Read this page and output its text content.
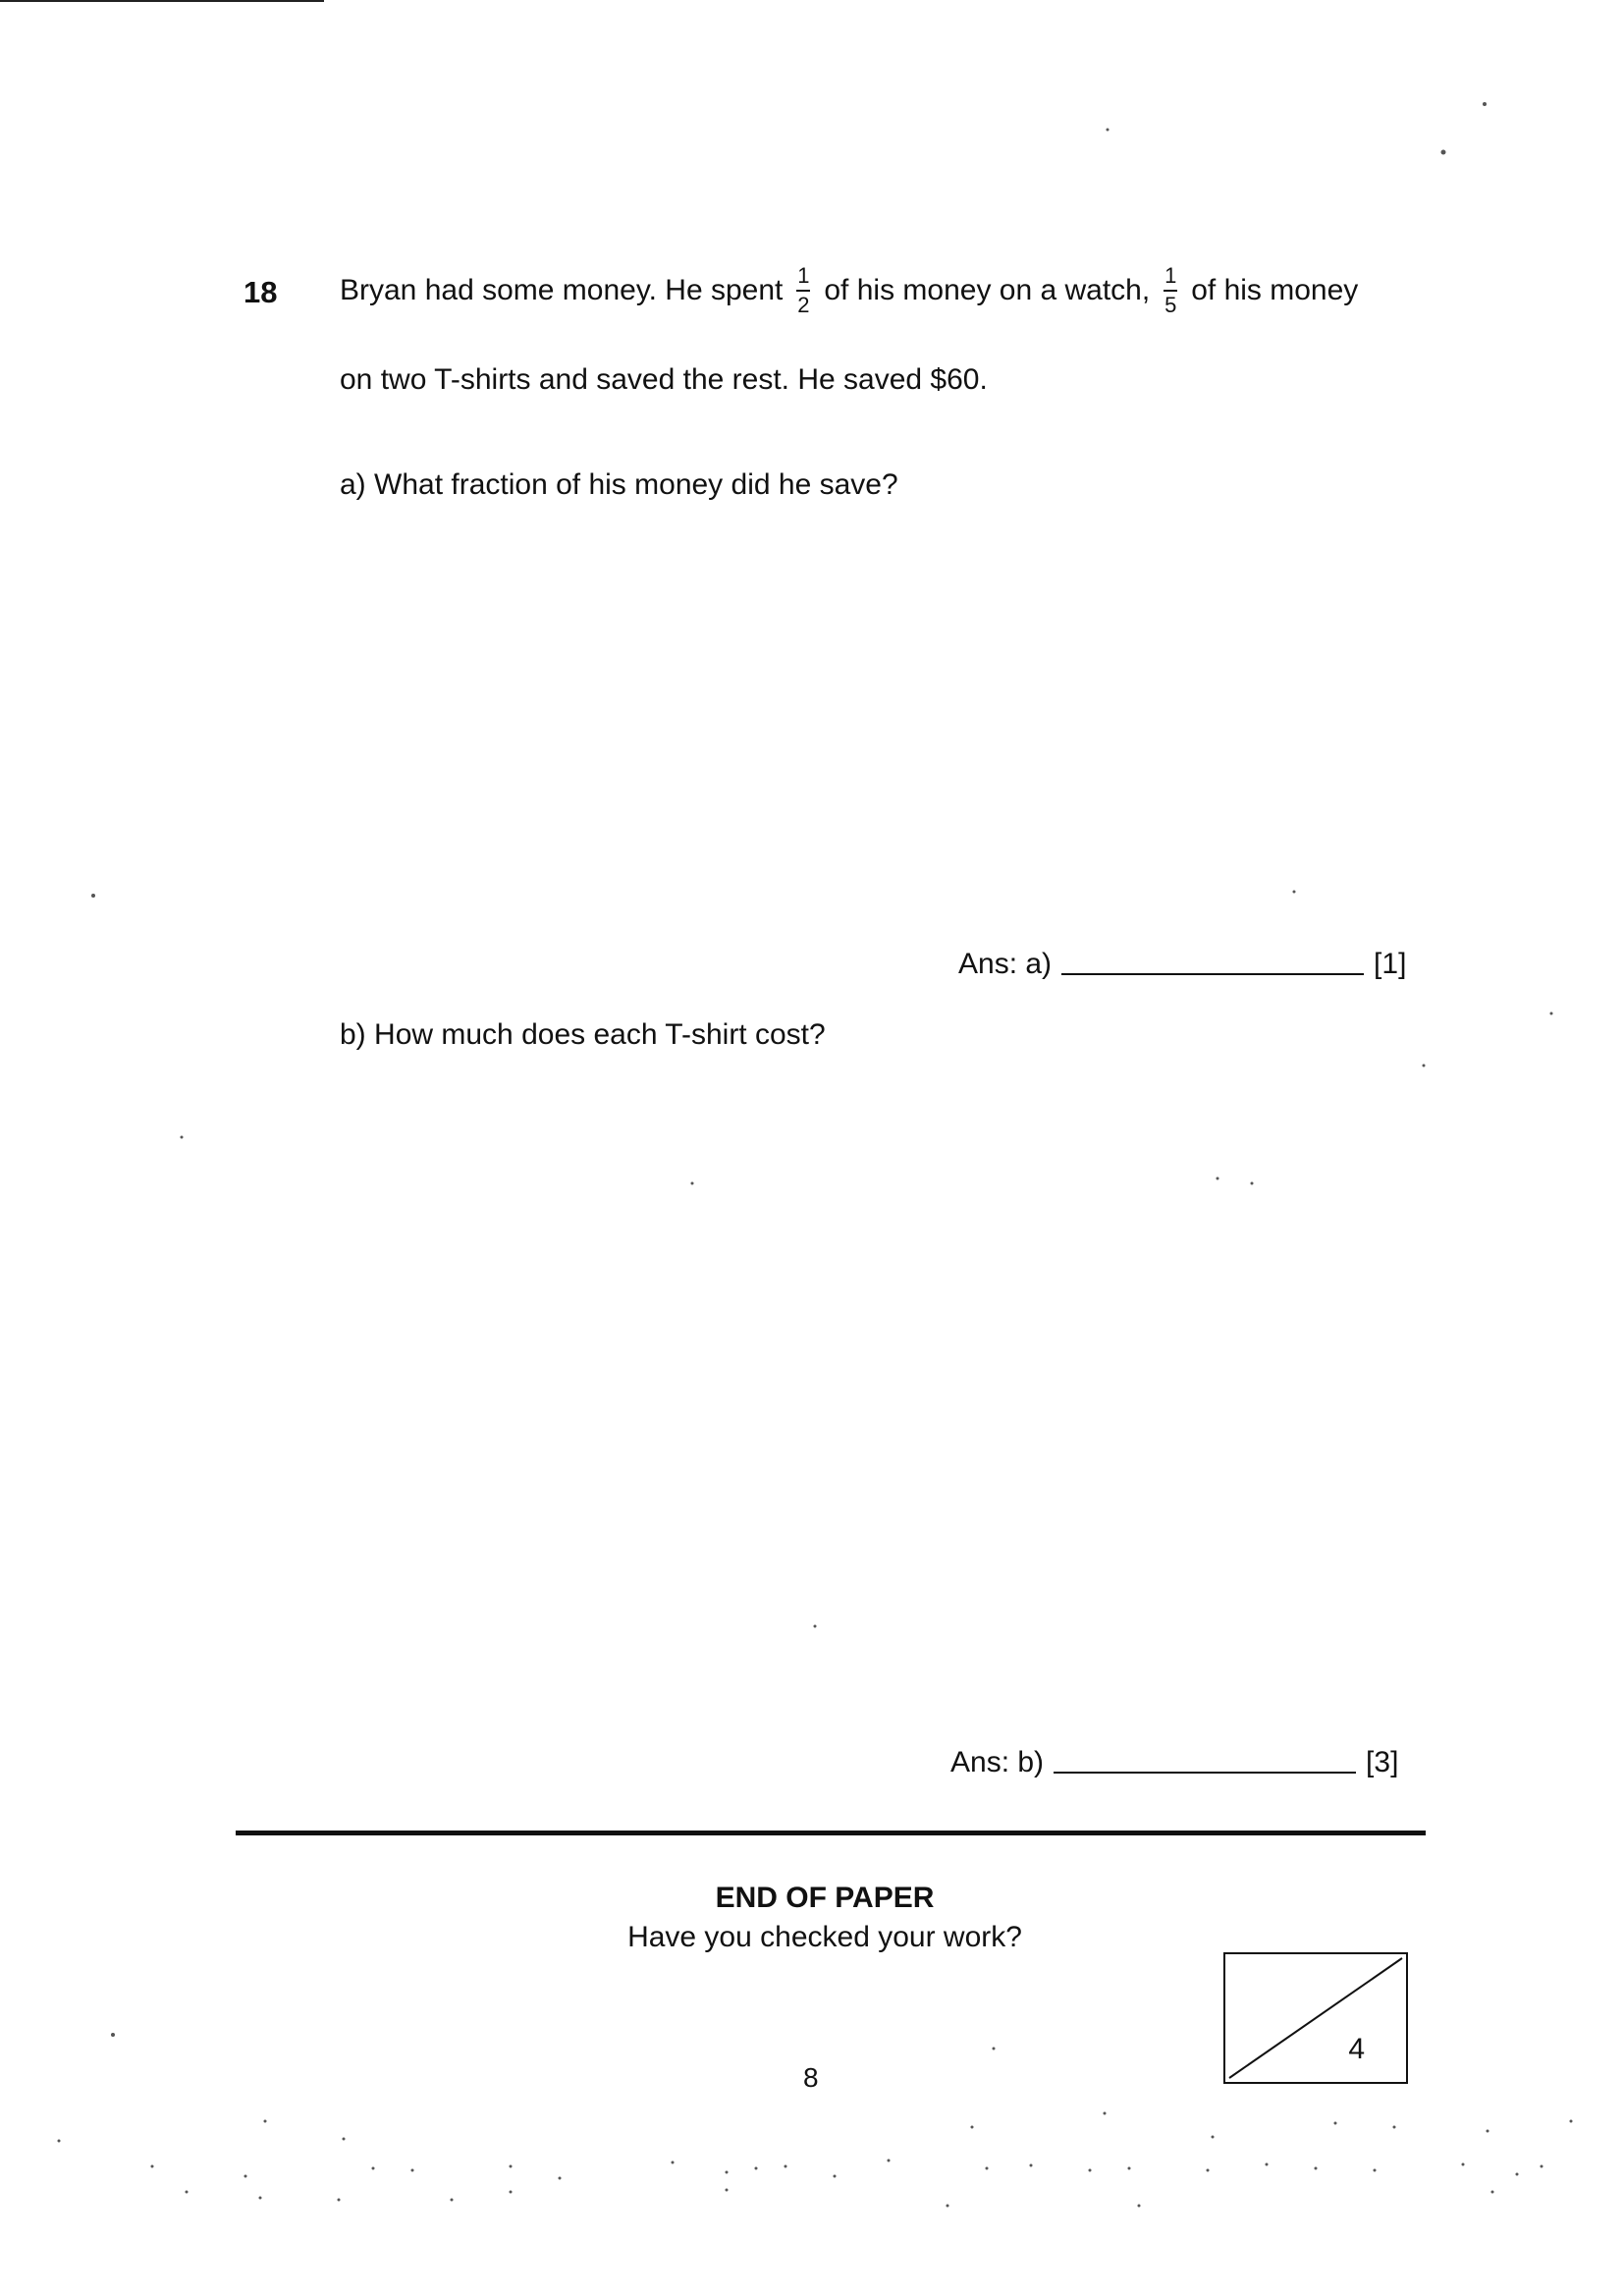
18 Bryan had some money. He spent $\frac{1}{2}$ of his money on a watch, $\frac{1}{5}$ of his money
on two T-shirts and saved the rest. He saved $60.
a) What fraction of his money did he save?
Ans: a)	[1]
b) How much does each T-shirt cost?
Ans: b)	[3]
END OF PAPER
Have you checked your work?
4
8
